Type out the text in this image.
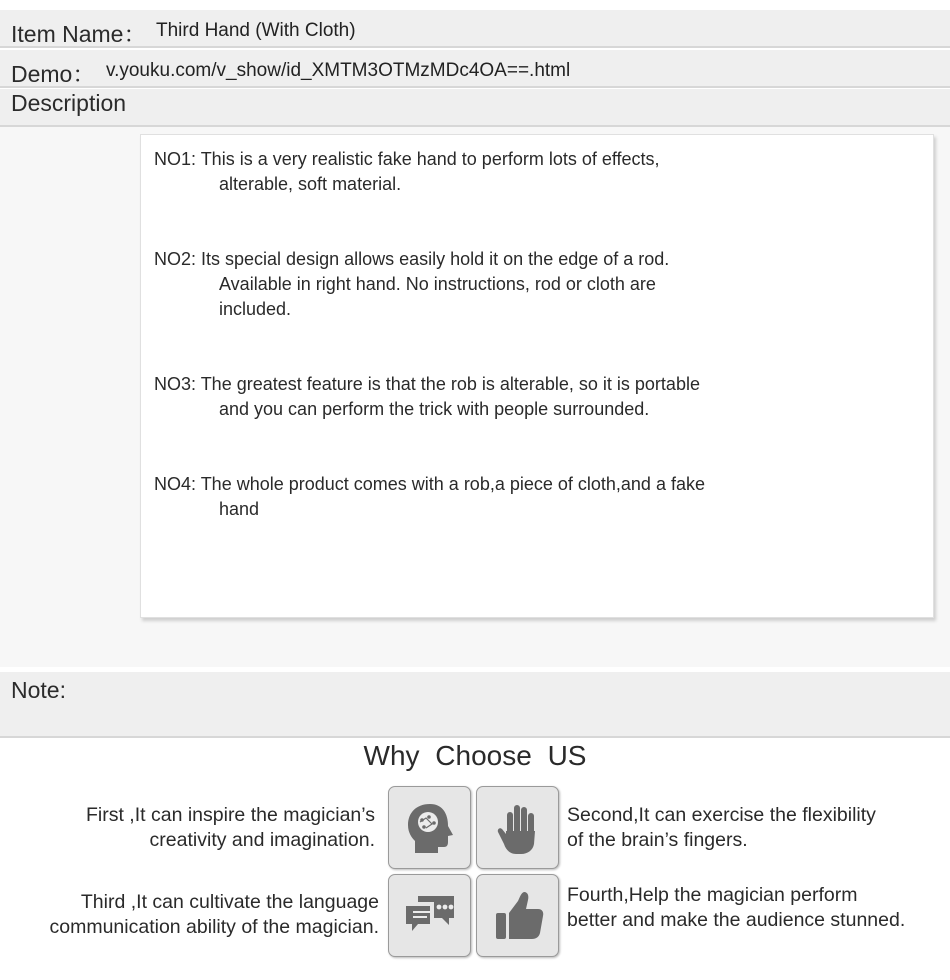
Item Name： Third Hand (With Cloth)
Demo： v.youku.com/v_show/id_XMTM3OTMzMDc4OA==.html
Description
NO1: This is a very realistic fake hand to perform lots of effects,
alterable, soft material.
NO2: Its special design allows easily hold it on the edge of a rod.
Available in right hand. No instructions, rod or cloth are
included.
NO3: The greatest feature is that the rob is alterable, so it is portable
and you can perform the trick with people surrounded.
NO4: The whole product comes with a rob,a piece of cloth,and a fake
hand
Note:
Why Choose US
First ,It can inspire the magician’s
creativity and imagination.
Second,It can exercise the flexibility
of the brain’s fingers.
Third ,It can cultivate the language
communication ability of the magician.
Fourth,Help the magician perform
better and make the audience stunned.
